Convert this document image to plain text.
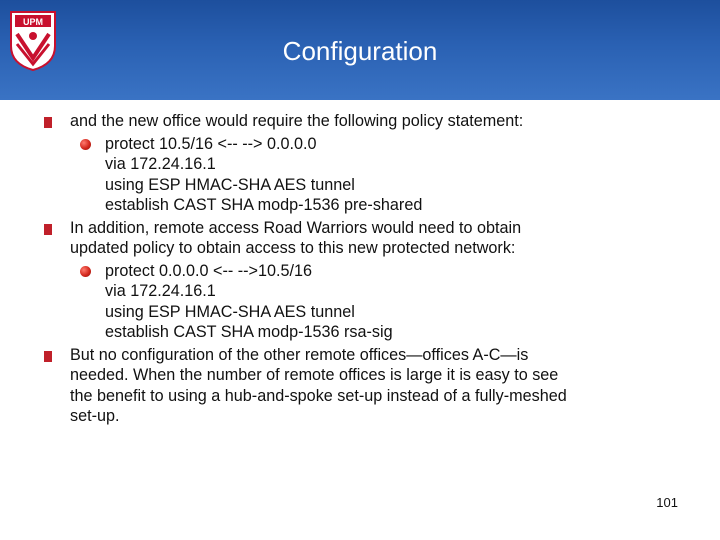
UPM
Configuration
and the new office would require the following policy statement:
protect 10.5/16 <-- --> 0.0.0.0
via 172.24.16.1
using ESP HMAC-SHA AES tunnel
establish CAST SHA modp-1536 pre-shared
In addition, remote access Road Warriors would need to obtain
updated policy to obtain access to this new protected network:
protect 0.0.0.0 <-- -->10.5/16
via 172.24.16.1
using ESP HMAC-SHA AES tunnel
establish CAST SHA modp-1536 rsa-sig
But no configuration of the other remote offices—offices A-C—is
needed. When the number of remote offices is large it is easy to see
the benefit to using a hub-and-spoke set-up instead of a fully-meshed
set-up.
101
